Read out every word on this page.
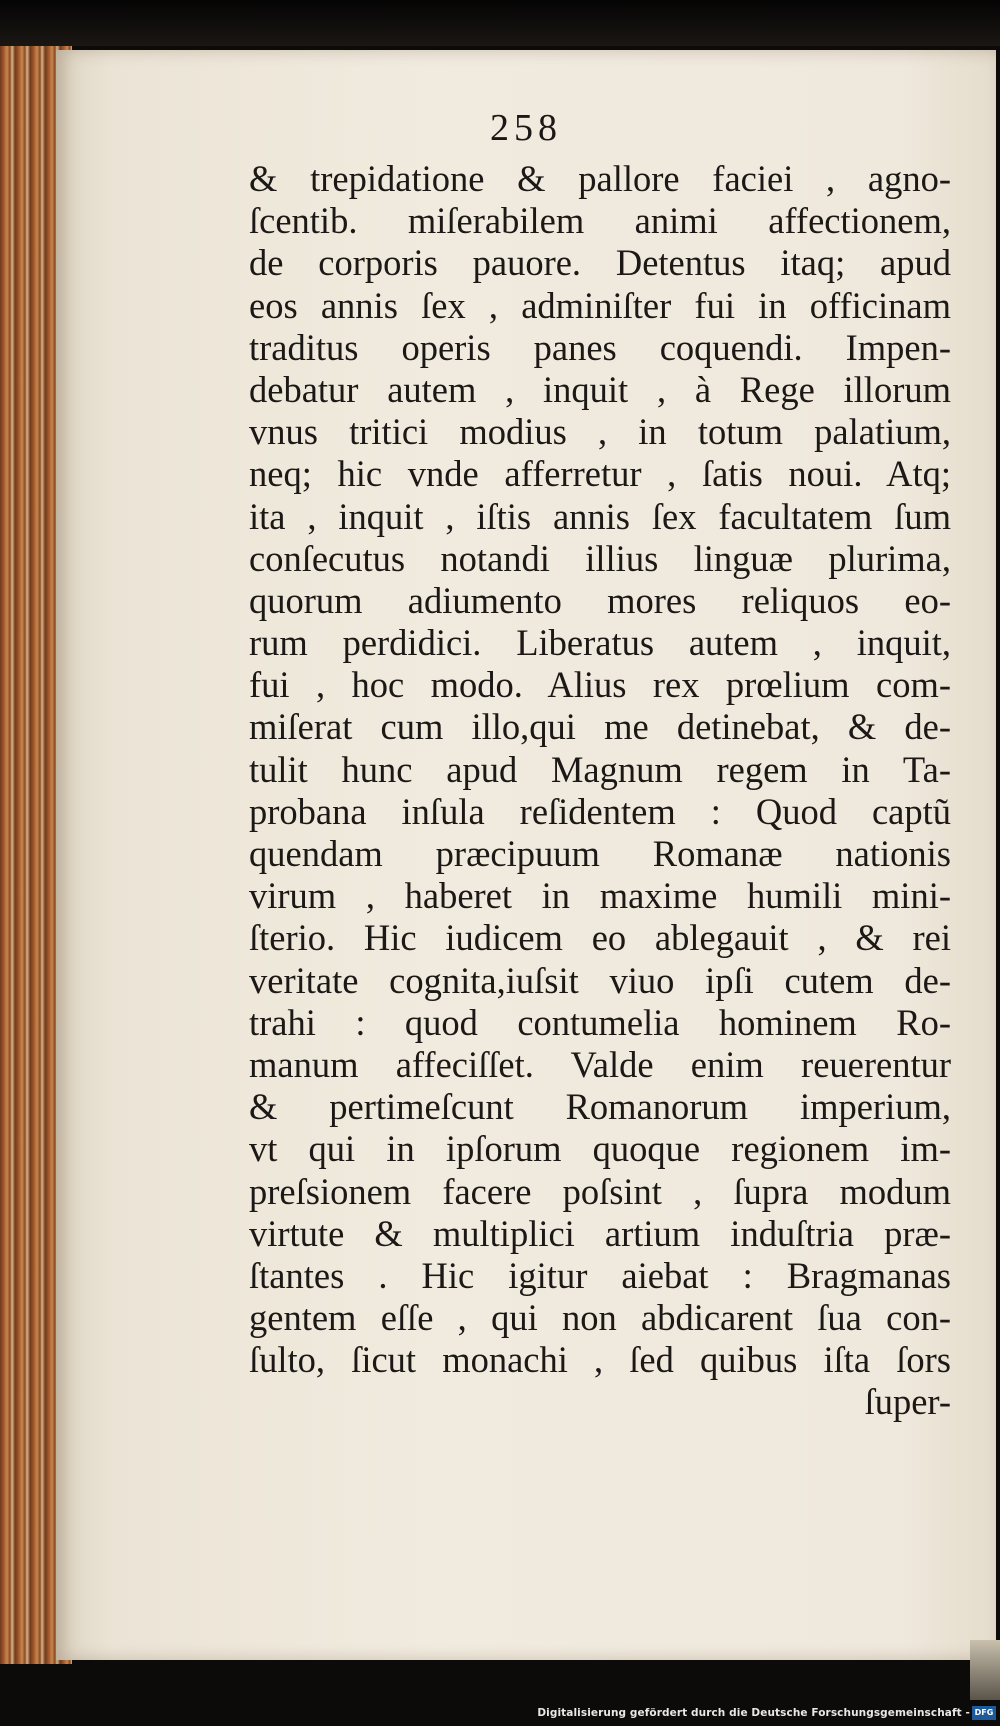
258
& trepidatione & pallore faciei , agno-
ſcentib. miſerabilem animi affectionem,
de corporis pauore. Detentus itaq; apud
eos annis ſex , adminiſter fui in officinam
traditus operis panes coquendi. Impen-
debatur autem , inquit , à Rege illorum
vnus tritici modius , in totum palatium,
neq; hic vnde afferretur , ſatis noui. Atq;
ita , inquit , iſtis annis ſex facultatem ſum
conſecutus notandi illius linguæ plurima,
quorum adiumento mores reliquos eo-
rum perdidici. Liberatus autem , inquit,
fui , hoc modo. Alius rex prœlium com-
miſerat cum illo,qui me detinebat, & de-
tulit hunc apud Magnum regem in Ta-
probana inſula reſidentem : Quod captũ
quendam præcipuum Romanæ nationis
virum , haberet in maxime humili mini-
ſterio. Hic iudicem eo ablegauit , & rei
veritate cognita,iuſsit viuo ipſi cutem de-
trahi : quod contumelia hominem Ro-
manum affeciſſet. Valde enim reuerentur
& pertimeſcunt Romanorum imperium,
vt qui in ipſorum quoque regionem im-
preſsionem facere poſsint , ſupra modum
virtute & multiplici artium induſtria præ-
ſtantes . Hic igitur aiebat : Bragmanas
gentem eſſe , qui non abdicarent ſua con-
ſulto, ſicut monachi , ſed quibus iſta ſors
ſuper-
Digitalisierung gefördert durch die Deutsche Forschungsgemeinschaft - DFG
